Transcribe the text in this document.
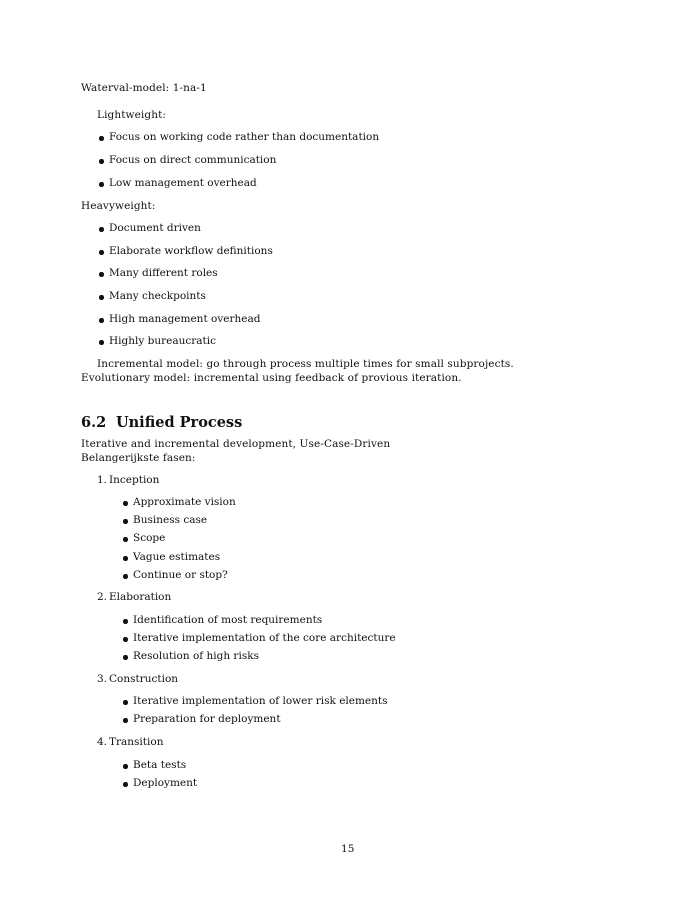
Waterval-model: 1-na-1
Lightweight:
Focus on working code rather than documentation
Focus on direct communication
Low management overhead
Heavyweight:
Document driven
Elaborate workflow definitions
Many different roles
Many checkpoints
High management overhead
Highly bureaucratic
Incremental model: go through process multiple times for small subprojects.
Evolutionary model: incremental using feedback of provious iteration.
6.2 Unified Process
Iterative and incremental development, Use-Case-Driven
Belangerijkste fasen:
1. Inception
Approximate vision
Business case
Scope
Vague estimates
Continue or stop?
2. Elaboration
Identification of most requirements
Iterative implementation of the core architecture
Resolution of high risks
3. Construction
Iterative implementation of lower risk elements
Preparation for deployment
4. Transition
Beta tests
Deployment
15
